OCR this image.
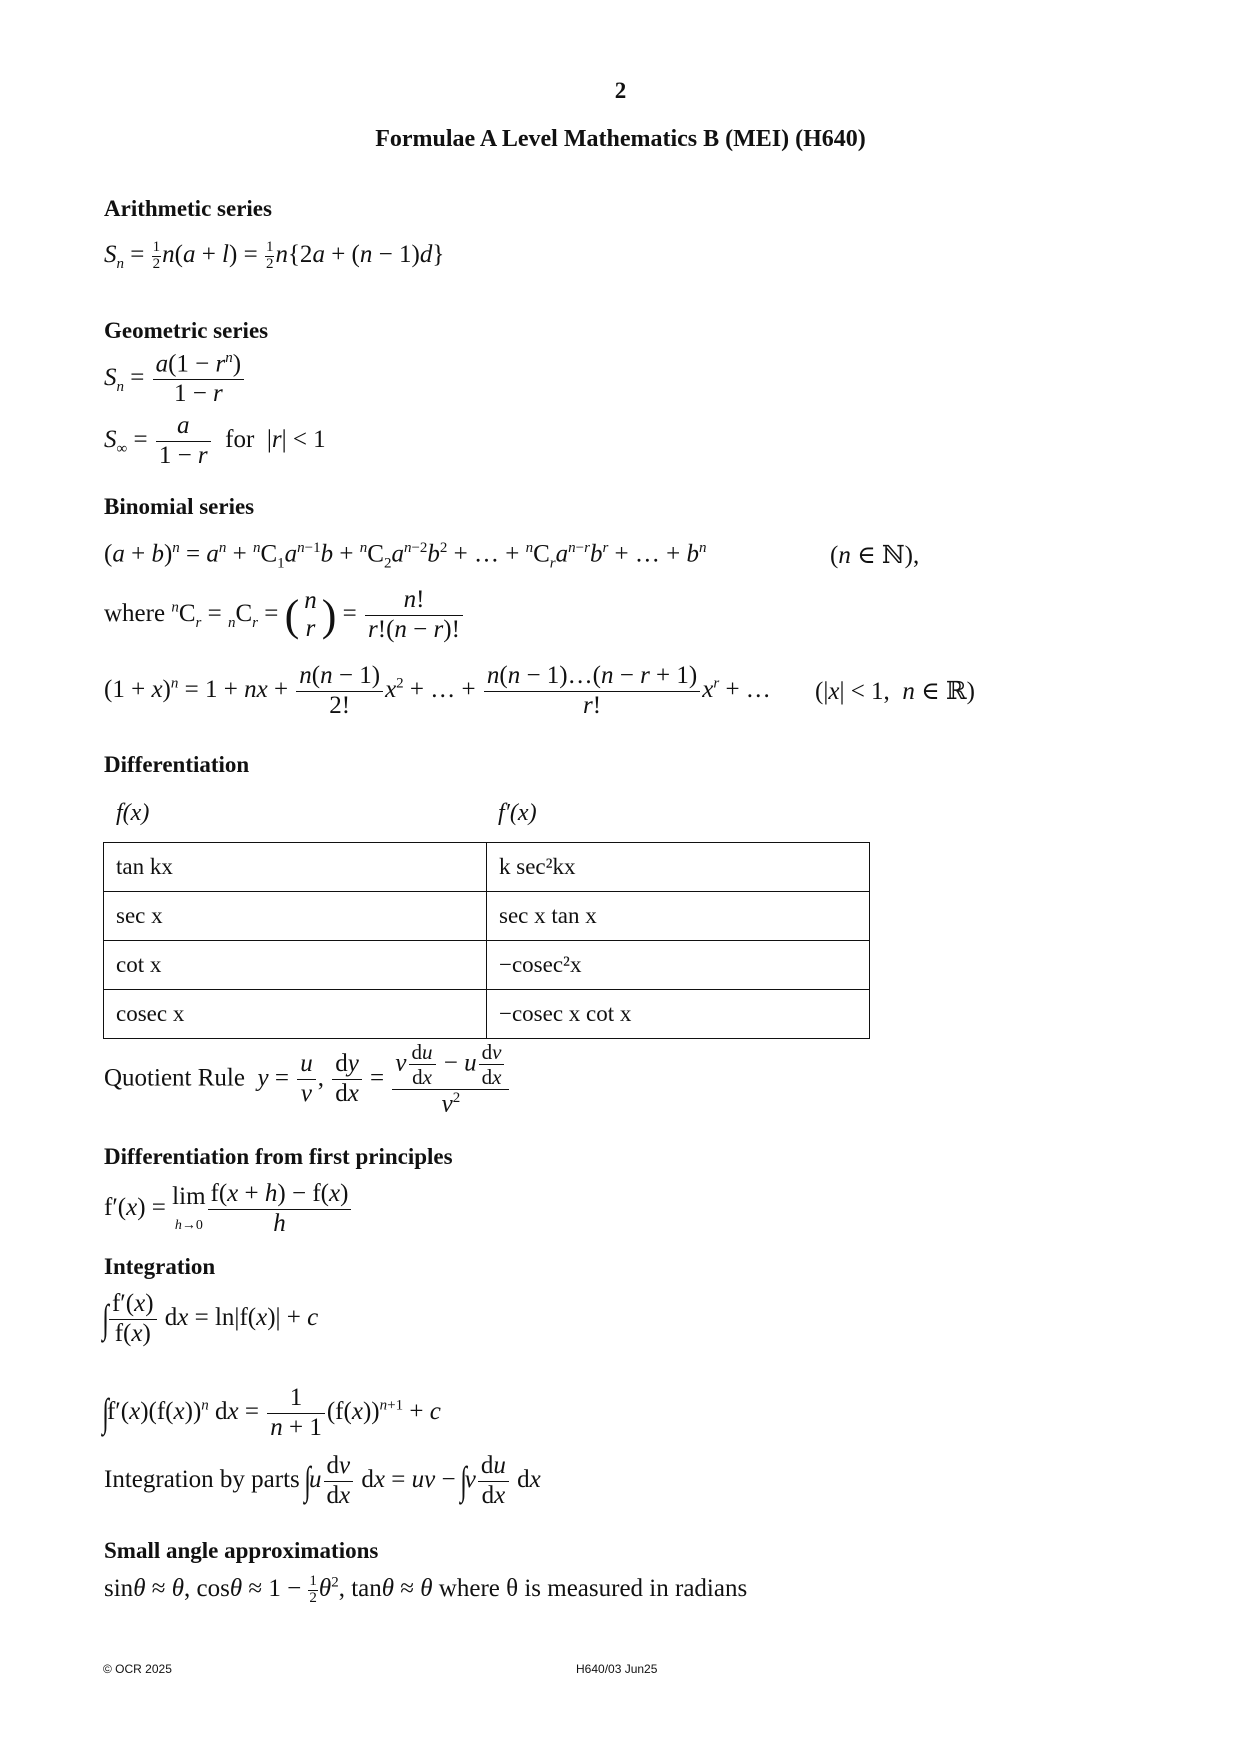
2
Formulae A Level Mathematics B (MEI) (H640)
Arithmetic series
$S_n = \frac{1}{2} n(a + l) = \frac{1}{2} n\{2a + (n - 1)d\}$
Geometric series
$S_n = \frac{a(1 - r^n)}{1 - r}$
$S_\infty = \frac{a}{1 - r}$ for  |r| < 1
Binomial series
$(a + b)^n = a^n + ^nC_1a^{n-1}b + ^nC_2a^{n-2}b^2$ + … + $^nC_ra^{n-r}b^r$ + … + $b^n$	(n ∈ ℕ),
where $^nC_r = _nC_r$ = ( n
r ) = $\frac{n!}{r!(n - r)!}$
$(1 + x)^n = 1$ + nx + $\frac{n(n - 1)}{2!} x^2$ + … + $\frac{n(n - 1)\dots(n - r + 1)}{r!} x^r$ + … (|x| < 1,  n ∈ ℝ)
Differentiation
f(x)	f′(x)
tan kx	k sec²kx
sec x	sec x tan x
cot x	−cosec²x
cosec x	−cosec x cot x
Quotient Rule $y = \frac{u}{v}$ , $\frac{dy}{dx} = \frac{v \frac{du}{dx} - u \frac{dv}{dx}}{v^2}$
Differentiation from first principles
f′(x) = lim
$h\to 0 \frac{f(x + h) - f(x)}{h}$
Integration
∫ $\frac{f'(x)}{f(x)}$ dx = ln|f(x)| + c
$\int f'(x)(f(x))^n$ dx = $\frac{1}{n + 1} (f(x))^{n+1} + c$
Integration by parts $\int u \frac{dv}{dx}$ dx = uv − $\int v \frac{du}{dx}$ dx
Small angle approximations
sinθ ≈ θ, $\cos\theta \approx 1 - \frac{1}{2} \theta^2$, tanθ ≈ θ where θ is measured in radians
© OCR 2025	H640/03 Jun25
